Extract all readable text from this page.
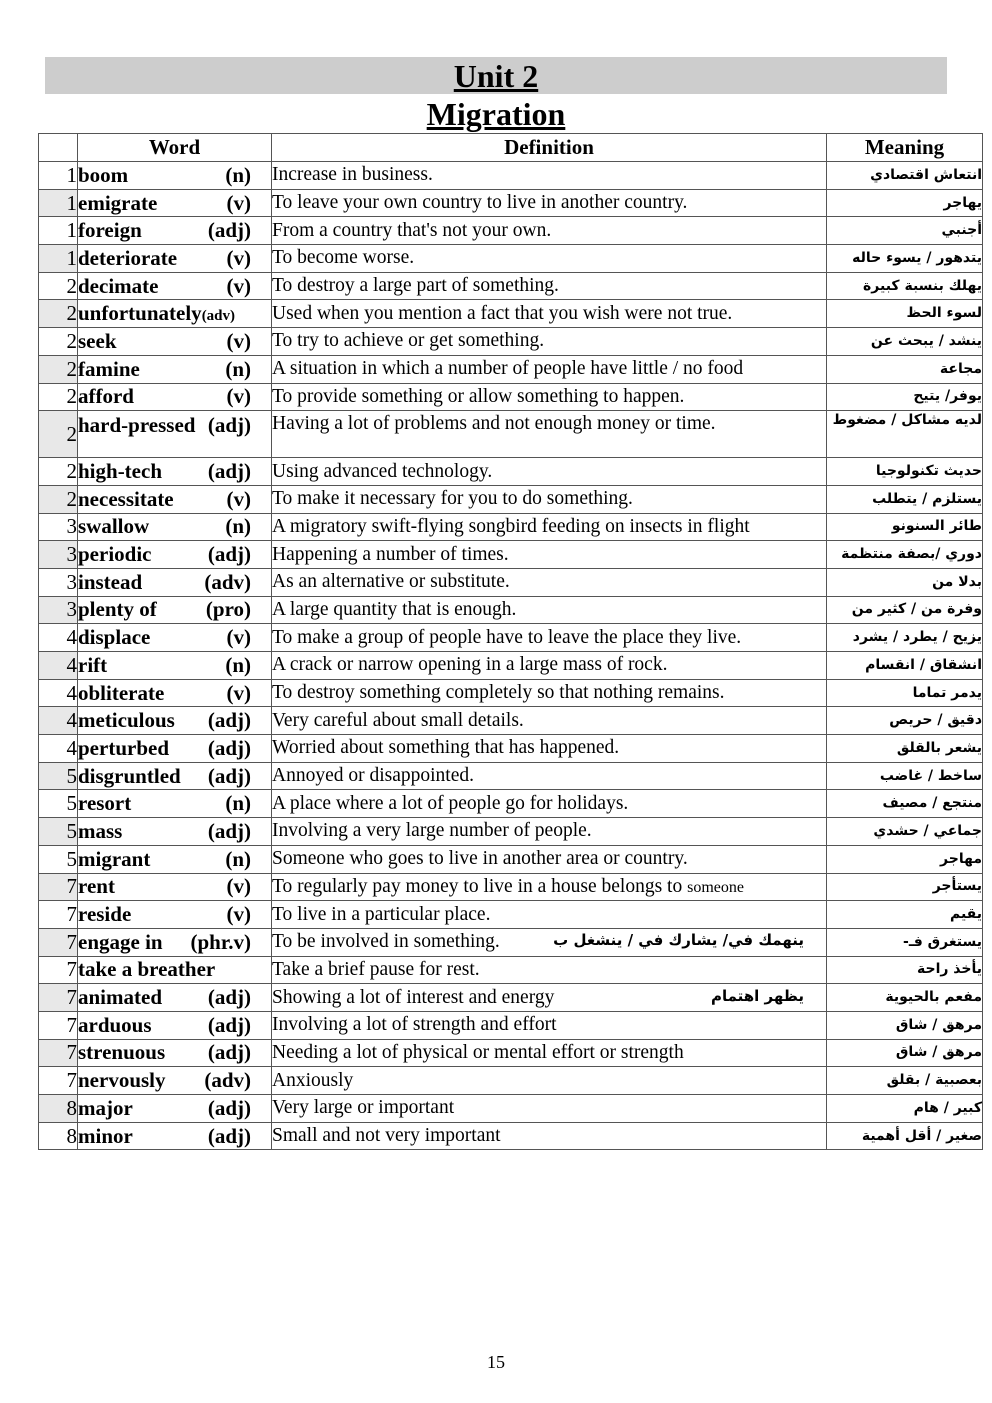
Unit 2
Migration
	Word	Definition	Meaning
1	boom (n)	Increase in business.	انتعاش اقتصادي
1	emigrate (v)	To leave your own country to live in another country.	يهاجر
1	foreign (adj)	From a country that's not your own.	أجنبي
1	deteriorate (v)	To become worse.	يتدهور / يسوء حاله
2	decimate (v)	To destroy a large part of something.	يهلك بنسبة كبيرة
2	unfortunately(adv)	Used when you mention a fact that you wish were not true.	لسوء الحظ
2	seek (v)	To try to achieve or get something.	ينشد / يبحث عن
2	famine (n)	A situation in which a number of people have little / no food	مجاعة
2	afford (v)	To provide something or allow something to happen.	يوفر/ يتيح
2	hard-pressed (adj)	Having a lot of problems and not enough money or time.	لديه مشاكل / مضغوط
2	high-tech (adj)	Using advanced technology.	حديث تكنولوجيا
2	necessitate (v)	To make it necessary for you to do something.	يستلزم / يتطلب
3	swallow (n)	A migratory swift-flying songbird feeding on insects in flight	طائر السنونو
3	periodic (adj)	Happening a number of times.	دوري /بصفة منتظمة
3	instead (adv)	As an alternative or substitute.	بدلا من
3	plenty of (pro)	A large quantity that is enough.	وفرة من / كثير من
4	displace (v)	To make a group of people have to leave the place they live.	يزيح / يطرد / يشرد
4	rift (n)	A crack or narrow opening in a large mass of rock.	انشقاق / انقسام
4	obliterate (v)	To destroy something completely so that nothing remains.	يدمر تماما
4	meticulous (adj)	Very careful about small details.	دقيق / حريص
4	perturbed (adj)	Worried about something that has happened.	يشعر بالقلق
5	disgruntled (adj)	Annoyed or disappointed.	ساخط / غاضب
5	resort (n)	A place where a lot of people go for holidays.	منتجع / مصيف
5	mass (adj)	Involving a very large number of people.	جماعي / حشدي
5	migrant (n)	Someone who goes to live in another area or country.	مهاجر
7	rent (v)	To regularly pay money to live in a house belongs to someone	يستأجر
7	reside (v)	To live in a particular place.	يقيم
7	engage in (phr.v)	To be involved in something. ينهمك في/ يشارك في / ينشغل ب	يستغرق فـ-
7	take a breather	Take a brief pause for rest.	يأخذ راحة
7	animated (adj)	Showing a lot of interest and energy يظهر اهتمام	مفعم بالحيوية
7	arduous (adj)	Involving a lot of strength and effort	مرهق / شاق
7	strenuous (adj)	Needing a lot of physical or mental effort or strength	مرهق / شاق
7	nervously (adv)	Anxiously	بعصبية / بقلق
8	major (adj)	Very large or important	كبير / هام
8	minor (adj)	Small and not very important	صغير / أقل أهمية
15
